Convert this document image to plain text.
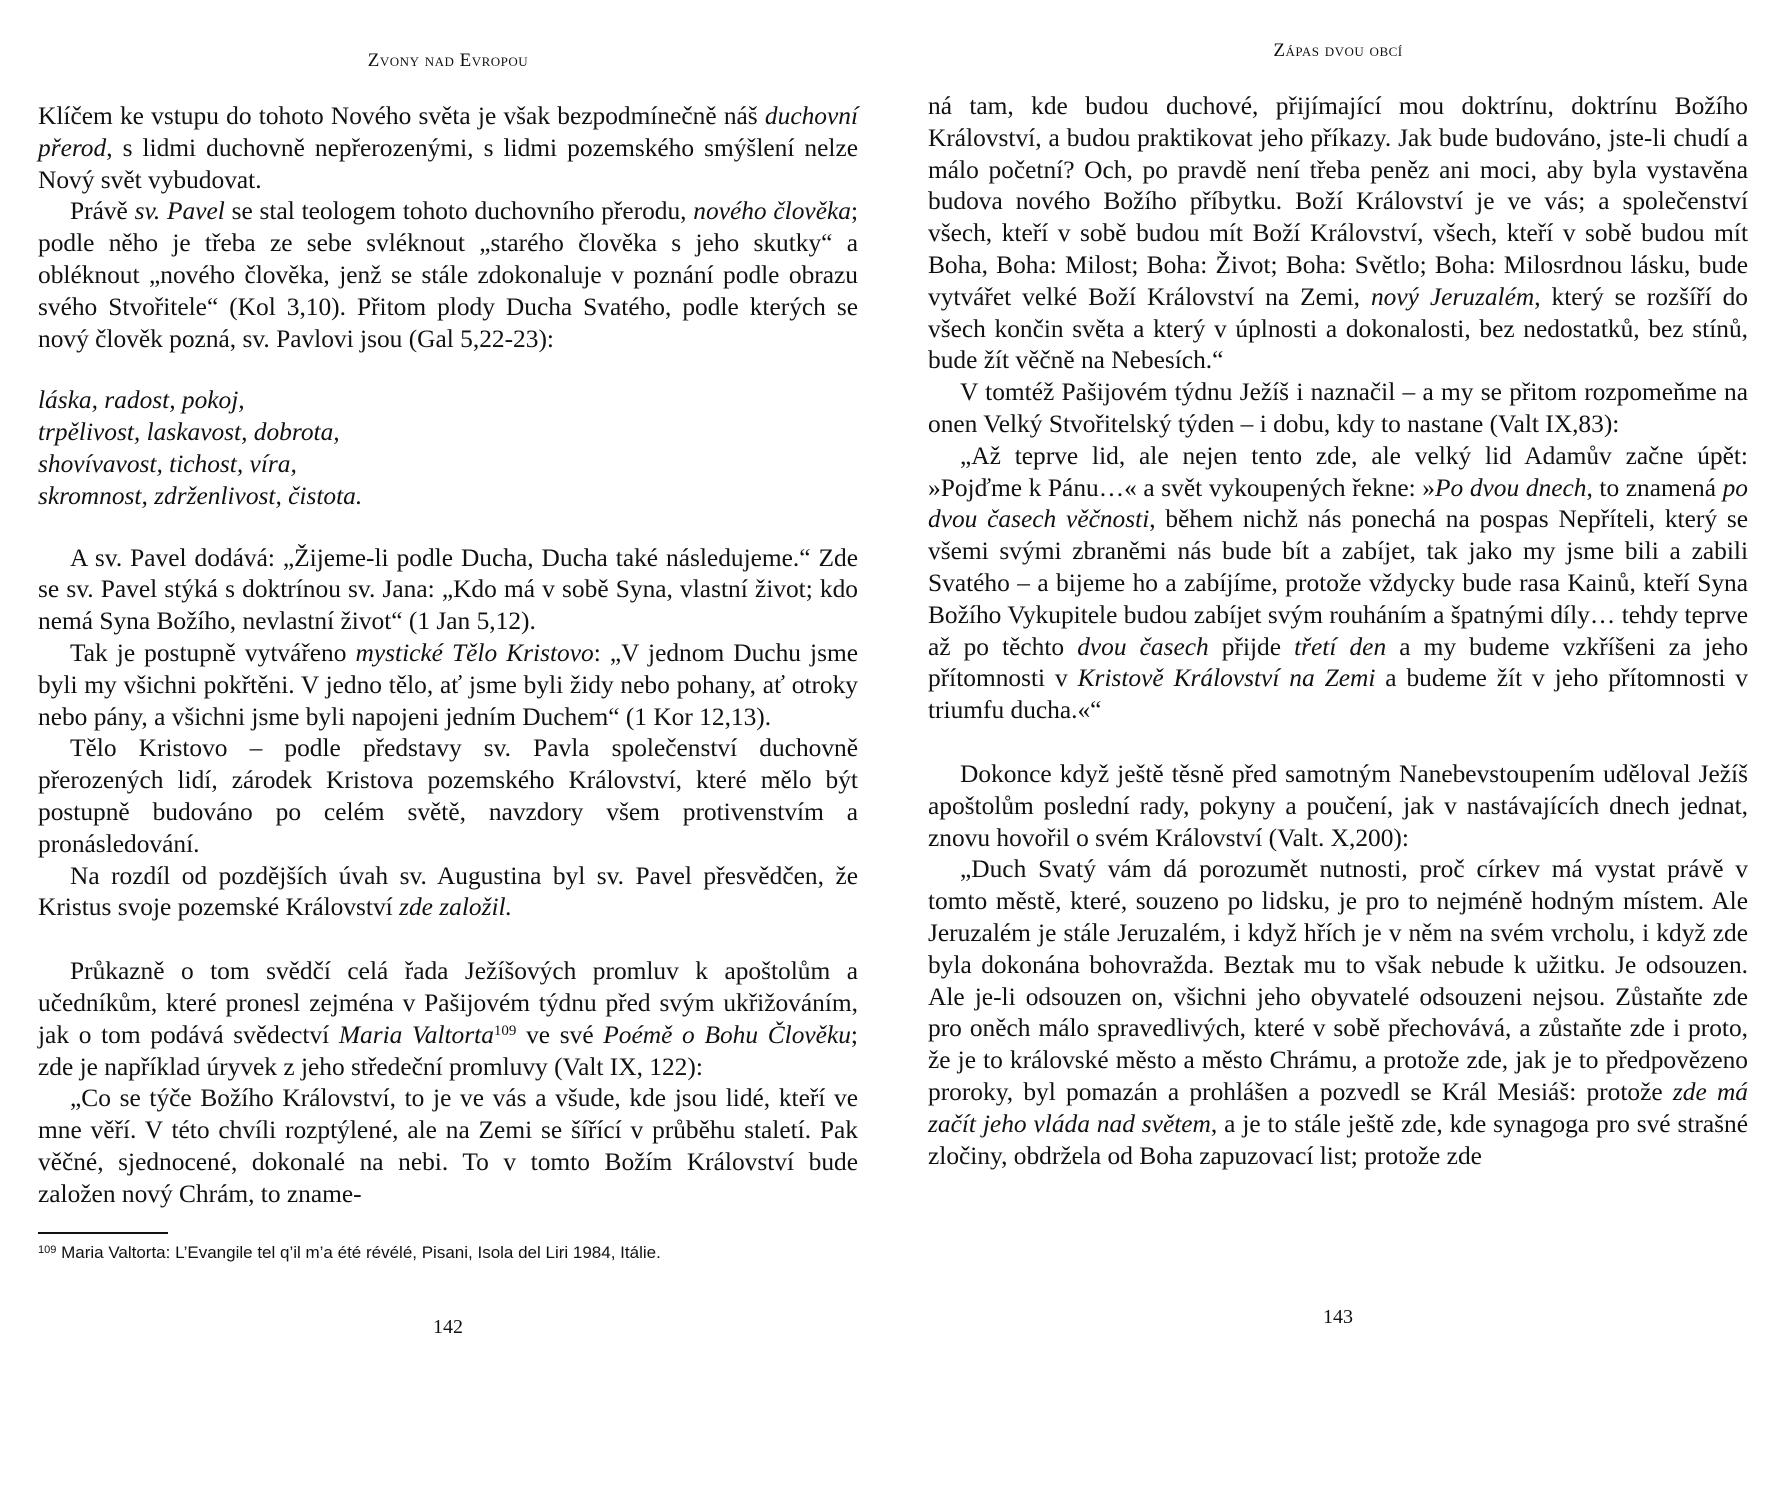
Zvony nad Evropou

Klíčem ke vstupu do tohoto Nového světa je však bezpodmínečně náš duchovní přerod, s lidmi duchovně nepřerozenými, s lidmi pozemského smýšlení nelze Nový svět vybudovat.

Právě sv. Pavel se stal teologem tohoto duchovního přerodu, nového člověka; podle něho je třeba ze sebe svléknout „starého člověka s jeho skutky“ a obléknout „nového člověka, jenž se stále zdokonaluje v poznání podle obrazu svého Stvořitele“ (Kol 3,10). Přitom plody Ducha Svatého, podle kterých se nový člověk pozná, sv. Pavlovi jsou (Gal 5,22-23):

láska, radost, pokoj,
trpělivost, laskavost, dobrota,
shovívavost, tichost, víra,
skromnost, zdrženlivost, čistota.

A sv. Pavel dodává: „Žijeme-li podle Ducha, Ducha také následujeme.“ Zde se sv. Pavel stýká s doktrínou sv. Jana: „Kdo má v sobě Syna, vlastní život; kdo nemá Syna Božího, nevlastní život“ (1 Jan 5,12).

Tak je postupně vytvářeno mystické Tělo Kristovo: „V jednom Duchu jsme byli my všichni pokřtěni. V jedno tělo, ať jsme byli židy nebo pohany, ať otroky nebo pány, a všichni jsme byli napojeni jedním Duchem“ (1 Kor 12,13).

Tělo Kristovo – podle představy sv. Pavla společenství duchovně přerozených lidí, zárodek Kristova pozemského Království, které mělo být postupně budováno po celém světě, navzdory všem protivenstvím a pronásledování.

Na rozdíl od pozdějších úvah sv. Augustina byl sv. Pavel přesvědčen, že Kristus svoje pozemské Království zde založil.

Průkazně o tom svědčí celá řada Ježíšových promluv k apoštolům a učedníkům, které pronesl zejména v Pašijovém týdnu před svým ukřižováním, jak o tom podává svědectví Maria Valtorta$^{109}$ ve své Poémě o Bohu Člověku; zde je například úryvek z jeho středeční promluvy (Valt IX, 122):

„Co se týče Božího Království, to je ve vás a všude, kde jsou lidé, kteří ve mne věří. V této chvíli rozptýlené, ale na Zemi se šířící v průběhu staletí. Pak věčné, sjednocené, dokonalé na nebi. To v tomto Božím Království bude založen nový Chrám, to zname-

$^{109}$ Maria Valtorta: L’Evangile tel q’il m’a été révélé, Pisani, Isola del Liri 1984, Itálie.
142
Zápas dvou obcí

ná tam, kde budou duchové, přijímající mou doktrínu, doktrínu Božího Království, a budou praktikovat jeho příkazy. Jak bude budováno, jste-li chudí a málo početní? Och, po pravdě není třeba peněz ani moci, aby byla vystavěna budova nového Božího příbytku. Boží Království je ve vás; a společenství všech, kteří v sobě budou mít Boží Království, všech, kteří v sobě budou mít Boha, Boha: Milost; Boha: Život; Boha: Světlo; Boha: Milosrdnou lásku, bude vytvářet velké Boží Království na Zemi, nový Jeruzalém, který se rozšíří do všech končin světa a který v úplnosti a dokonalosti, bez nedostatků, bez stínů, bude žít věčně na Nebesích.“

V tomtéž Pašijovém týdnu Ježíš i naznačil – a my se přitom rozpomeňme na onen Velký Stvořitelský týden – i dobu, kdy to nastane (Valt IX,83):

„Až teprve lid, ale nejen tento zde, ale velký lid Adamův začne úpět: »Pojďme k Pánu…« a svět vykoupených řekne: »Po dvou dnech, to znamená po dvou časech věčnosti, během nichž nás ponechá na pospas Nepříteli, který se všemi svými zbraněmi nás bude bít a zabíjet, tak jako my jsme bili a zabili Svatého – a bijeme ho a zabíjíme, protože vždycky bude rasa Kainů, kteří Syna Božího Vykupitele budou zabíjet svým rouháním a špatnými díly… tehdy teprve až po těchto dvou časech přijde třetí den a my budeme vzkříšeni za jeho přítomnosti v Kristově Království na Zemi a budeme žít v jeho přítomnosti v triumfu ducha.«“

Dokonce když ještě těsně před samotným Nanebevstoupením uděloval Ježíš apoštolům poslední rady, pokyny a poučení, jak v nastávajících dnech jednat, znovu hovořil o svém Království (Valt. X,200):

„Duch Svatý vám dá porozumět nutnosti, proč církev má vystat právě v tomto městě, které, souzeno po lidsku, je pro to nejméně hodným místem. Ale Jeruzalém je stále Jeruzalém, i když hřích je v něm na svém vrcholu, i když zde byla dokonána bohovražda. Beztak mu to však nebude k užitku. Je odsouzen. Ale je-li odsouzen on, všichni jeho obyvatelé odsouzeni nejsou. Zůstaňte zde pro oněch málo spravedlivých, které v sobě přechovává, a zůstaňte zde i proto, že je to královské město a město Chrámu, a protože zde, jak je to předpovězeno proroky, byl pomazán a prohlášen a pozvedl se Král Mesiáš: protože zde má začít jeho vláda nad světem, a je to stále ještě zde, kde synagoga pro své strašné zločiny, obdržela od Boha zapuzovací list; protože zde

143
